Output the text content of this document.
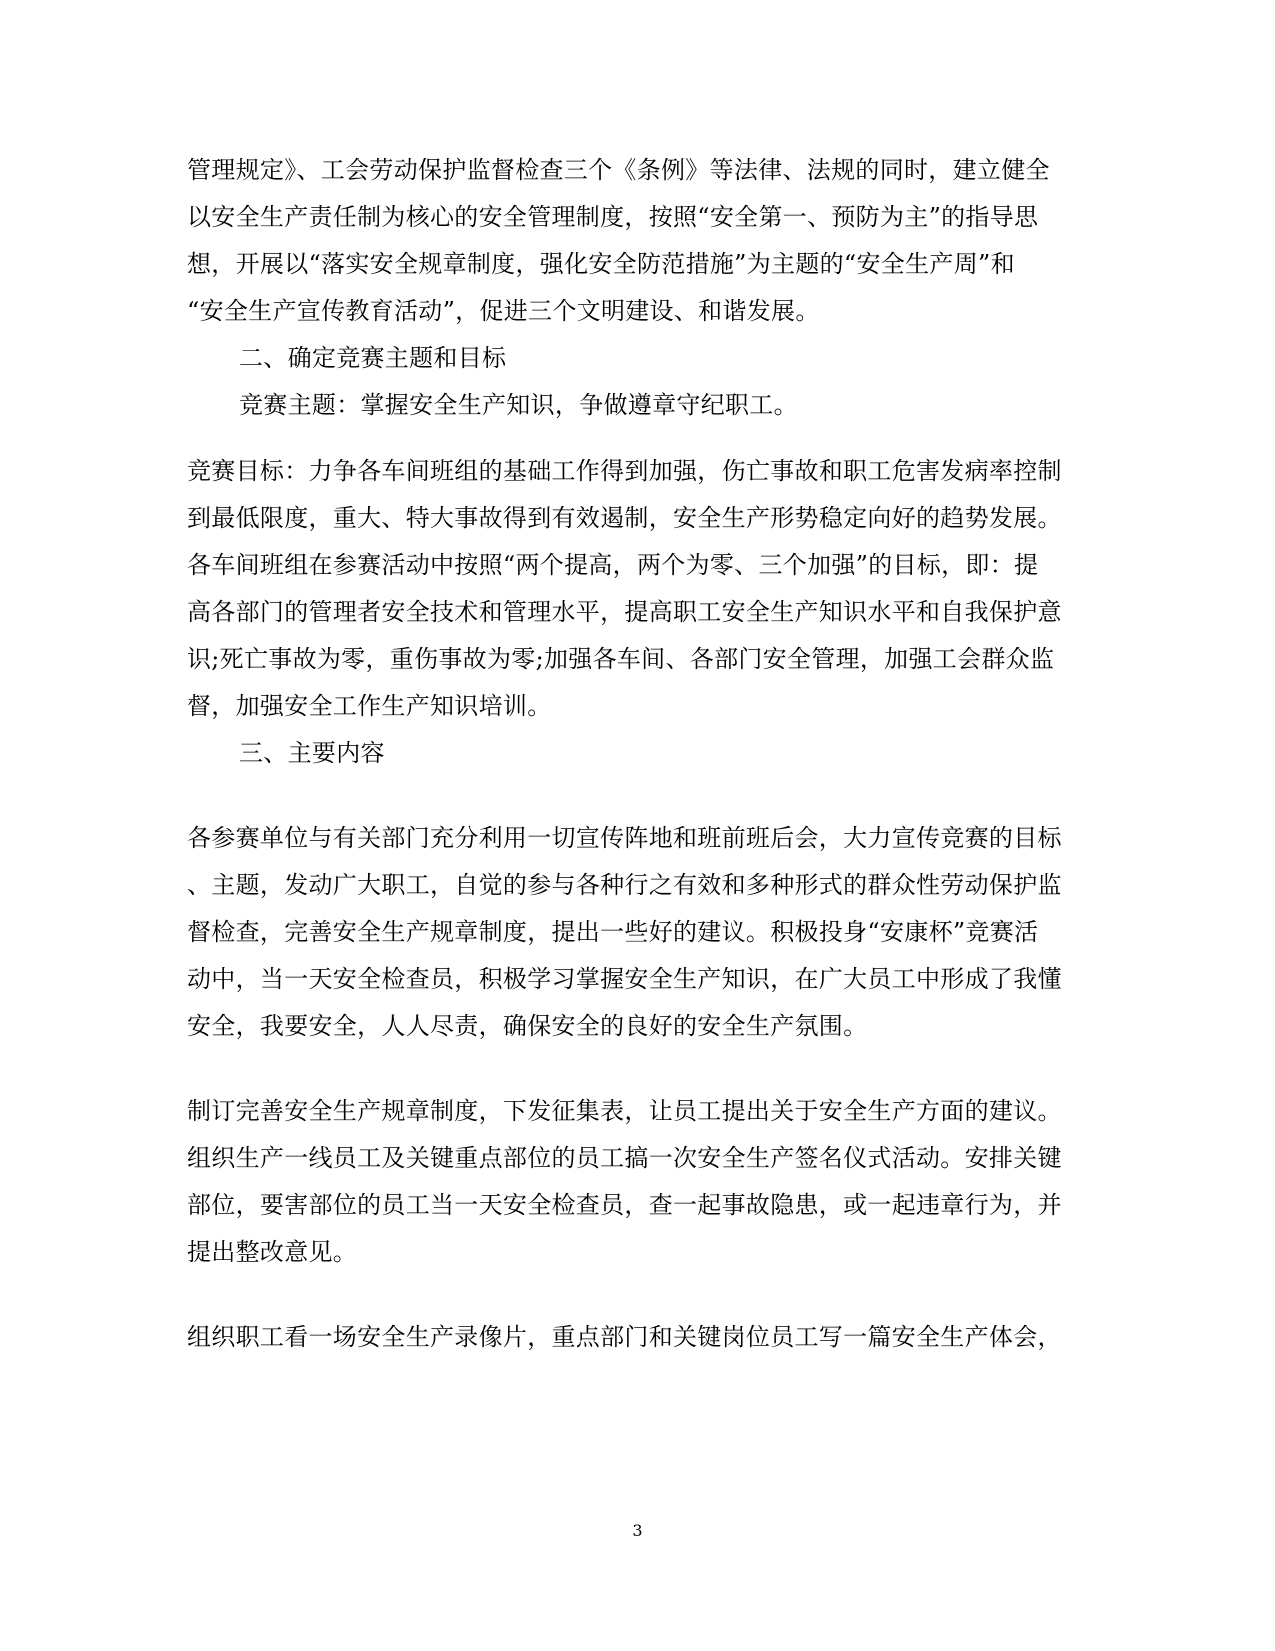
管理规定》、工会劳动保护监督检查三个《条例》等法律、法规的同时，建立健全
以安全生产责任制为核心的安全管理制度，按照“安全第一、预防为主”的指导思
想，开展以“落实安全规章制度，强化安全防范措施”为主题的“安全生产周”和
“安全生产宣传教育活动”，促进三个文明建设、和谐发展。
二、确定竞赛主题和目标
竞赛主题：掌握安全生产知识，争做遵章守纪职工。
竞赛目标：力争各车间班组的基础工作得到加强，伤亡事故和职工危害发病率控制
到最低限度，重大、特大事故得到有效遏制，安全生产形势稳定向好的趋势发展。
各车间班组在参赛活动中按照“两个提高，两个为零、三个加强”的目标，即：提
高各部门的管理者安全技术和管理水平，提高职工安全生产知识水平和自我保护意
识;死亡事故为零，重伤事故为零;加强各车间、各部门安全管理，加强工会群众监
督，加强安全工作生产知识培训。
三、主要内容
各参赛单位与有关部门充分利用一切宣传阵地和班前班后会，大力宣传竞赛的目标
、主题，发动广大职工，自觉的参与各种行之有效和多种形式的群众性劳动保护监
督检查，完善安全生产规章制度，提出一些好的建议。积极投身“安康杯”竞赛活
动中，当一天安全检查员，积极学习掌握安全生产知识，在广大员工中形成了我懂
安全，我要安全，人人尽责，确保安全的良好的安全生产氛围。
制订完善安全生产规章制度，下发征集表，让员工提出关于安全生产方面的建议。
组织生产一线员工及关键重点部位的员工搞一次安全生产签名仪式活动。安排关键
部位，要害部位的员工当一天安全检查员，查一起事故隐患，或一起违章行为，并
提出整改意见。
组织职工看一场安全生产录像片，重点部门和关键岗位员工写一篇安全生产体会，
3
